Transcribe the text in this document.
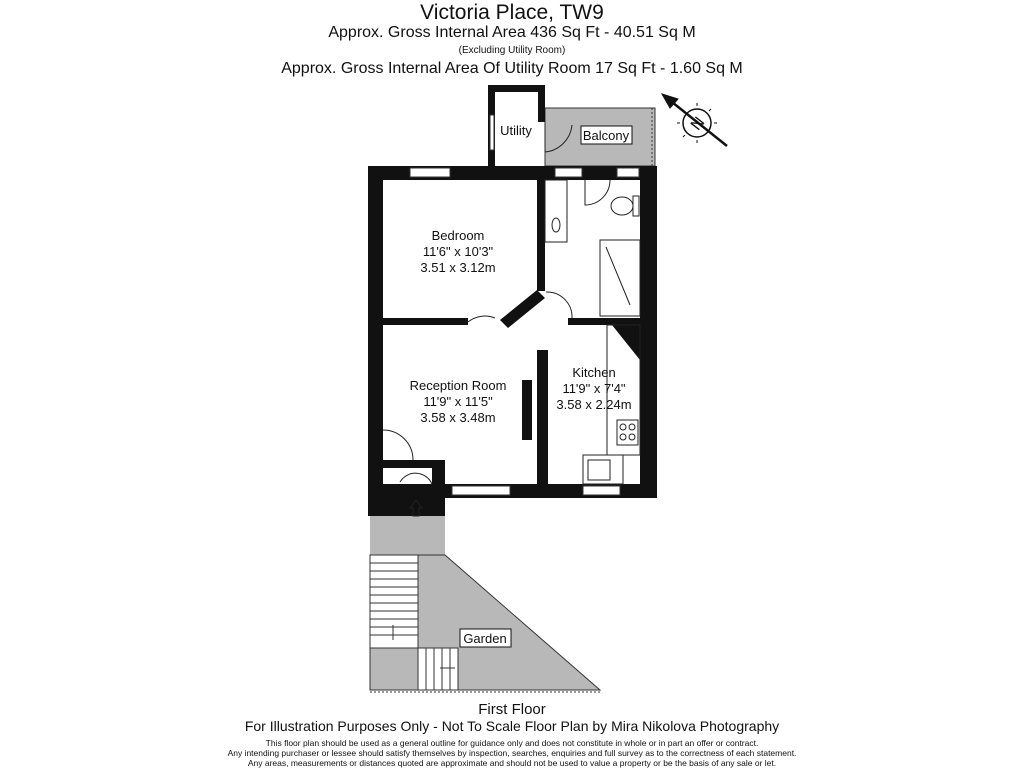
Victoria Place, TW9
Approx. Gross Internal Area 436 Sq Ft - 40.51 Sq M
(Excluding Utility Room)
Approx. Gross Internal Area Of Utility Room 17 Sq Ft - 1.60 Sq M
Utility	Balcony
Bedroom
11'6" x 10'3"
3.51 x 3.12m
Reception Room
11'9" x 11'5"
3.58 x 3.48m
Kitchen
11'9" x 7'4"
3.58 x 2.24m
Garden
N
First Floor
For Illustration Purposes Only - Not To Scale Floor Plan by Mira Nikolova Photography
This floor plan should be used as a general outline for guidance only and does not constitute in whole or in part an offer or contract.
Any intending purchaser or lessee should satisfy themselves by inspection, searches, enquiries and full survey as to the correctness of each statement.
Any areas, measurements or distances quoted are approximate and should not be used to value a property or be the basis of any sale or let.
